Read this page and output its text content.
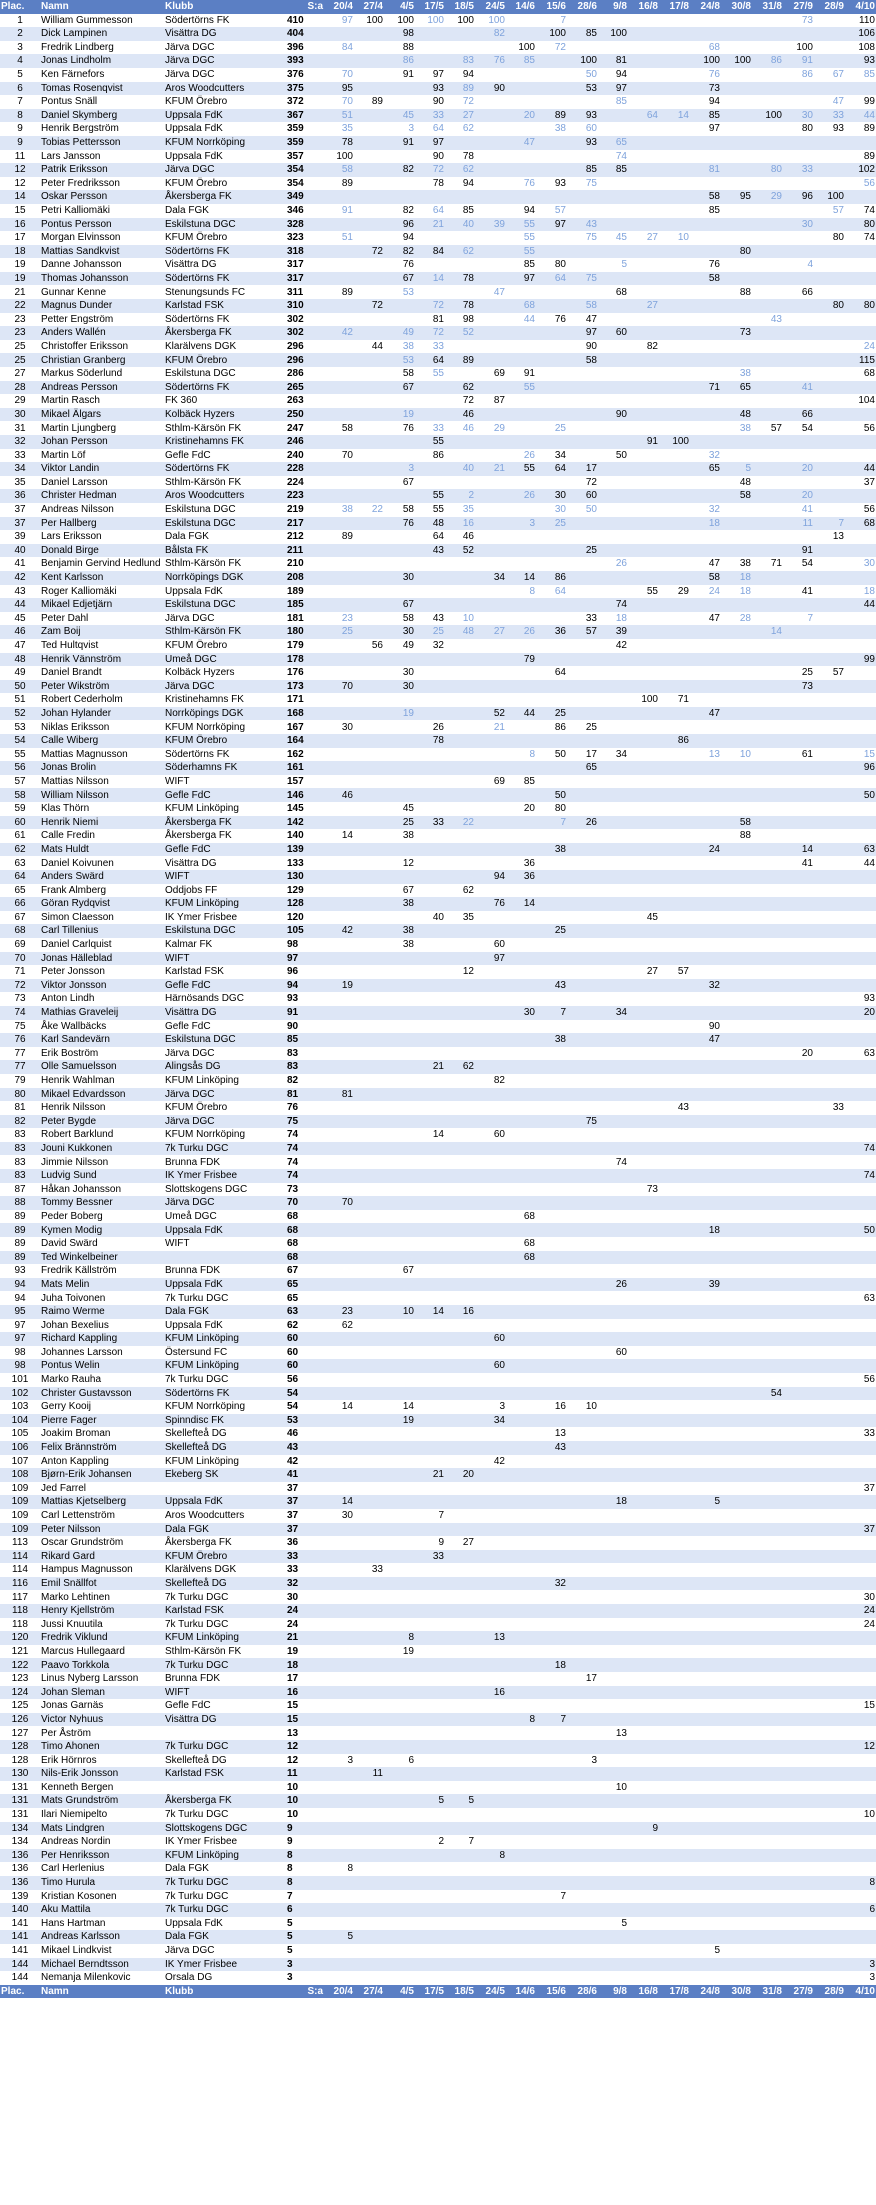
Plac.	Namn	Klubb	S:a	20/4	27/4	4/5	17/5	18/5	24/5	14/6	15/6	28/6	9/8	16/8	17/8	24/8	30/8	31/8	27/9	28/9	4/10
1	William Gummesson	Södertörns FK	410	97	100	100	100	100	100		7								73		110
2	Dick Lampinen	Visättra DG	404			98			82		100	85	100								106
3	Fredrik Lindberg	Järva DGC	396	84		88				100	72					68			100		108
4	Jonas Lindholm	Järva DGC	393			86		83	76	85		100	81			100	100	86	91		93
5	Ken Färnefors	Järva DGC	376	70		91	97	94				50	94			76			86	67	85
6	Tomas Rosenqvist	Aros Woodcutters	375	95			93	89	90			53	97			73					
7	Pontus Snäll	KFUM Örebro	372	70	89		90	72					85			94				47	99
8	Daniel Skymberg	Uppsala FdK	367	51		45	33	27		20	89	93		64	14	85		100	30	33	44
9	Henrik Bergström	Uppsala FdK	359	35		3	64	62			38	60				97			80	93	89
9	Tobias Pettersson	KFUM Norrköping	359	78		91	97			47		93	65								
11	Lars Jansson	Uppsala FdK	357	100			90	78					74								89
12	Patrik Eriksson	Järva DGC	354	58		82	72	62				85	85			81		80	33		102
12	Peter Fredriksson	KFUM Örebro	354	89			78	94		76	93	75									56
14	Oskar Persson	Åkersberga FK	349													58	95	29	96	100	
15	Petri Kalliomäki	Dala FGK	346	91		82	64	85		94	57					85				57	74
16	Pontus Persson	Eskilstuna DGC	328			96	21	40	39	55	97	43							30		80
17	Morgan Elvinsson	KFUM Örebro	323	51		94				55		75	45	27	10					80	74
18	Mattias Sandkvist	Södertörns FK	318		72	82	84	62		55							80				
19	Danne Johansson	Visättra DG	317			76				85	80		5			76			4		
19	Thomas Johansson	Södertörns FK	317			67	14	78		97	64	75				58					
21	Gunnar Kenne	Stenungsunds FC	311	89		53			47				68				88		66		
22	Magnus Dunder	Karlstad FSK	310		72		72	78		68		58		27						80	80
23	Petter Engström	Södertörns FK	302				81	98		44	76	47						43			
23	Anders Wallén	Åkersberga FK	302	42		49	72	52				97	60				73				
25	Christoffer Eriksson	Klarälvens DGK	296		44	38	33					90		82							24
25	Christian Granberg	KFUM Örebro	296			53	64	89				58									115
27	Markus Söderlund	Eskilstuna DGC	286			58	55		69	91							38				68
28	Andreas Persson	Södertörns FK	265			67		62		55						71	65		41		
29	Martin Rasch	FK 360	263					72	87												104
30	Mikael Älgars	Kolbäck Hyzers	250			19		46					90				48		66		
31	Martin Ljungberg	Sthlm-Kärsön FK	247	58		76	33	46	29		25						38	57	54		56
32	Johan Persson	Kristinehamns FK	246				55							91	100						
33	Martin Löf	Gefle FdC	240	70			86			26	34		50			32					
34	Viktor Landin	Södertörns FK	228			3		40	21	55	64	17				65	5		20		44
35	Daniel Larsson	Sthlm-Kärsön FK	224			67						72					48				37
36	Christer Hedman	Aros Woodcutters	223				55	2		26	30	60					58		20		
37	Andreas Nilsson	Eskilstuna DGC	219	38	22	58	55	35			30	50				32			41		56
37	Per Hallberg	Eskilstuna DGC	217			76	48	16		3	25					18			11	7	68
39	Lars Eriksson	Dala FGK	212	89			64	46												13	
40	Donald Birge	Bålsta FK	211				43	52				25							91		
41	Benjamin Gervind Hedlund	Sthlm-Kärsön FK	210										26			47	38	71	54		30
42	Kent Karlsson	Norrköpings DGK	208			30			34	14	86					58	18				
43	Roger Kalliomäki	Uppsala FdK	189							8	64			55	29	24	18		41		18
44	Mikael Edjetjärn	Eskilstuna DGC	185			67							74								44
45	Peter Dahl	Järva DGC	181	23		58	43	10				33	18			47	28		7		
46	Zam Boij	Sthlm-Kärsön FK	180	25		30	25	48	27	26	36	57	39					14			
47	Ted Hultqvist	KFUM Örebro	179		56	49	32						42								
48	Henrik Vännström	Umeå DGC	178							79											99
49	Daniel Brandt	Kolbäck Hyzers	176			30					64								25	57	
50	Peter Wikström	Järva DGC	173	70		30													73		
51	Robert Cederholm	Kristinehamns FK	171											100	71						
52	Johan Hylander	Norrköpings DGK	168			19			52	44	25					47					
53	Niklas Eriksson	KFUM Norrköping	167	30			26		21		86	25									
54	Calle Wiberg	KFUM Örebro	164				78								86						
55	Mattias Magnusson	Södertörns FK	162							8	50	17	34			13	10		61		15
56	Jonas Brolin	Söderhamns FK	161									65									96
57	Mattias Nilsson	WIFT	157						69	85											
58	William Nilsson	Gefle FdC	146	46							50										50
59	Klas Thörn	KFUM Linköping	145			45				20	80										
60	Henrik Niemi	Åkersberga FK	142			25	33	22			7	26					58				
61	Calle Fredin	Åkersberga FK	140	14		38											88				
62	Mats Huldt	Gefle FdC	139								38					24			14		63
63	Daniel Koivunen	Visättra DG	133			12				36									41		44
64	Anders Swärd	WIFT	130						94	36											
65	Frank Almberg	Oddjobs FF	129			67		62													
66	Göran Rydqvist	KFUM Linköping	128			38			76	14											
67	Simon Claesson	IK Ymer Frisbee	120				40	35						45							
68	Carl Tillenius	Eskilstuna DGC	105	42		38					25										
69	Daniel Carlquist	Kalmar FK	98			38			60												
70	Jonas Hälleblad	WIFT	97						97												
71	Peter Jonsson	Karlstad FSK	96					12						27	57						
72	Viktor Jonsson	Gefle FdC	94	19							43					32					
73	Anton Lindh	Härnösands DGC	93																		93
74	Mathias Graveleij	Visättra DG	91							30	7		34								20
75	Åke Wallbäcks	Gefle FdC	90													90					
76	Karl Sandevärn	Eskilstuna DGC	85								38					47					
77	Erik Boström	Järva DGC	83																20		63
77	Olle Samuelsson	Alingsås DG	83				21	62													
79	Henrik Wahlman	KFUM Linköping	82						82												
80	Mikael Edvardsson	Järva DGC	81	81																	
81	Henrik Nilsson	KFUM Örebro	76												43					33	
82	Peter Bygde	Järva DGC	75									75									
83	Robert Barklund	KFUM Norrköping	74				14		60												
83	Jouni Kukkonen	7k Turku DGC	74																		74
83	Jimmie Nilsson	Brunna FDK	74										74								
83	Ludvig Sund	IK Ymer Frisbee	74																		74
87	Håkan Johansson	Slottskogens DGC	73											73							
88	Tommy Bessner	Järva DGC	70	70																	
89	Peder Boberg	Umeå DGC	68							68											
89	Kymen Modig	Uppsala FdK	68													18					50
89	David Swärd	WIFT	68							68											
89	Ted Winkelbeiner		68							68											
93	Fredrik Källström	Brunna FDK	67			67															
94	Mats Melin	Uppsala FdK	65										26			39					
94	Juha Toivonen	7k Turku DGC	65																		63
95	Raimo Werme	Dala FGK	63	23		10	14	16													
97	Johan Bexelius	Uppsala FdK	62	62																	
97	Richard Kappling	KFUM Linköping	60						60												
98	Johannes Larsson	Östersund FC	60										60								
98	Pontus Welin	KFUM Linköping	60						60												
101	Marko Rauha	7k Turku DGC	56																		56
102	Christer Gustavsson	Södertörns FK	54															54			
103	Gerry Kooij	KFUM Norrköping	54	14		14			3		16	10									
104	Pierre Fager	Spinndisc FK	53			19			34												
105	Joakim Broman	Skellefteå DG	46								13										33
106	Felix Brännström	Skellefteå DG	43								43										
107	Anton Kappling	KFUM Linköping	42						42												
108	Bjørn-Erik Johansen	Ekeberg SK	41				21	20													
109	Jed Farrel		37																		37
109	Mattias Kjetselberg	Uppsala FdK	37	14									18			5					
109	Carl Lettenström	Aros Woodcutters	37	30			7														
109	Peter Nilsson	Dala FGK	37																		37
113	Oscar Grundström	Åkersberga FK	36				9	27													
114	Rikard Gard	KFUM Örebro	33				33														
114	Hampus Magnusson	Klarälvens DGK	33		33																
116	Emil Snällfot	Skellefteå DG	32								32										
117	Marko Lehtinen	7k Turku DGC	30																		30
118	Henry Kjellström	Karlstad FSK	24																		24
118	Jussi Knuutila	7k Turku DGC	24																		24
120	Fredrik Viklund	KFUM Linköping	21			8			13												
121	Marcus Hullegaard	Sthlm-Kärsön FK	19			19															
122	Paavo Torkkola	7k Turku DGC	18								18										
123	Linus Nyberg Larsson	Brunna FDK	17									17									
124	Johan Sleman	WIFT	16						16												
125	Jonas Garnäs	Gefle FdC	15																		15
126	Victor Nyhuus	Visättra DG	15							8	7										
127	Per Åström		13										13								
128	Timo Ahonen	7k Turku DGC	12																		12
128	Erik Hörnros	Skellefteå DG	12	3		6						3									
130	Nils-Erik Jonsson	Karlstad FSK	11		11																
131	Kenneth Bergen		10										10								
131	Mats Grundström	Åkersberga FK	10				5	5													
131	Ilari Niemipelto	7k Turku DGC	10																		10
134	Mats Lindgren	Slottskogens DGC	9											9							
134	Andreas Nordin	IK Ymer Frisbee	9				2	7													
136	Per Henriksson	KFUM Linköping	8						8												
136	Carl Herlenius	Dala FGK	8	8																	
136	Timo Hurula	7k Turku DGC	8																		8
139	Kristian Kosonen	7k Turku DGC	7								7										
140	Aku Mattila	7k Turku DGC	6																		6
141	Hans Hartman	Uppsala FdK	5										5								
141	Andreas Karlsson	Dala FGK	5	5																	
141	Mikael Lindkvist	Järva DGC	5													5					
144	Michael Berndtsson	IK Ymer Frisbee	3																		3
144	Nemanja Milenkovic	Orsala DG	3																		3
Plac.	Namn	Klubb	S:a	20/4	27/4	4/5	17/5	18/5	24/5	14/6	15/6	28/6	9/8	16/8	17/8	24/8	30/8	31/8	27/9	28/9	4/10
